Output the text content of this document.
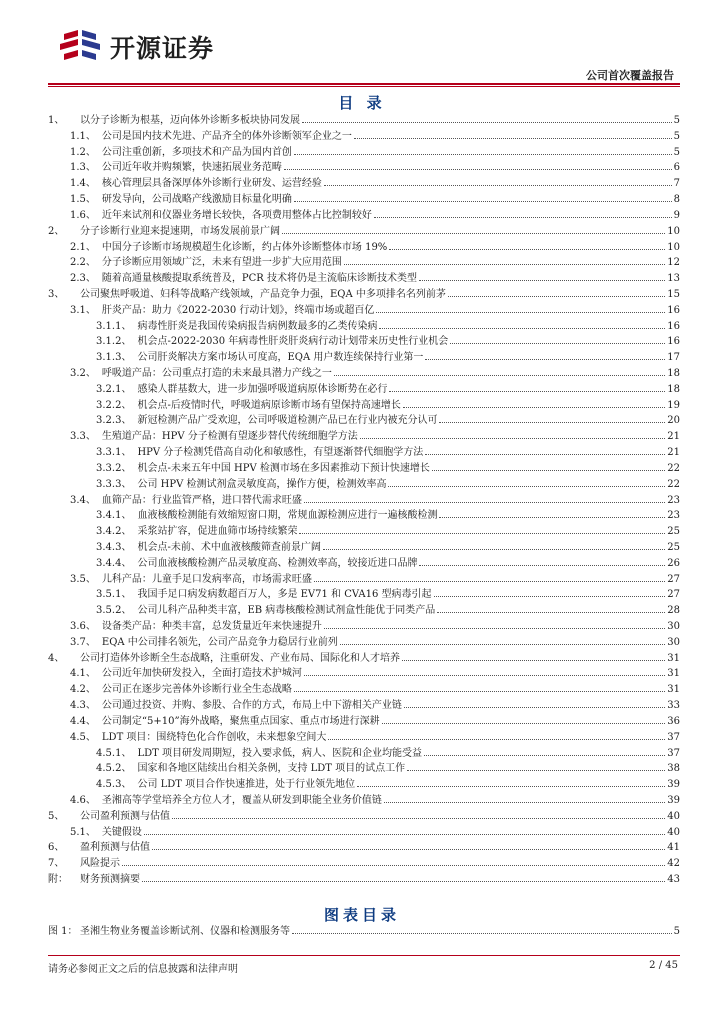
开源证券
公司首次覆盖报告
目 录
1、	以分子诊断为根基，迈向体外诊断多板块协同发展	5
1.1、 公司是国内技术先进、产品齐全的体外诊断领军企业之一	5
1.2、 公司注重创新，多项技术和产品为国内首创	5
1.3、 公司近年收并购频繁，快速拓展业务范畴	6
1.4、 核心管理层具备深厚体外诊断行业研发、运营经验	7
1.5、 研发导向，公司战略产线激励目标量化明确	8
1.6、 近年来试剂和仪器业务增长较快，各项费用整体占比控制较好	9
2、	分子诊断行业迎来提速期，市场发展前景广阔	10
2.1、 中国分子诊断市场规模超生化诊断，约占体外诊断整体市场 19%	10
2.2、 分子诊断应用领域广泛，未来有望进一步扩大应用范围	12
2.3、 随着高通量核酸提取系统普及，PCR 技术将仍是主流临床诊断技术类型	13
3、	公司聚焦呼吸道、妇科等战略产线领域，产品竞争力强，EQA 中多项排名名列前茅	15
3.1、 肝炎产品：助力《2022-2030 行动计划》，终端市场或超百亿	16
3.1.1、 病毒性肝炎是我国传染病报告病例数最多的乙类传染病	16
3.1.2、 机会点-2022-2030 年病毒性肝炎肝炎病行动计划带来历史性行业机会	16
3.1.3、 公司肝炎解决方案市场认可度高，EQA 用户数连续保持行业第一	17
3.2、 呼吸道产品：公司重点打造的未来最具潜力产线之一	18
3.2.1、 感染人群基数大，进一步加强呼吸道病原体诊断势在必行	18
3.2.2、 机会点-后疫情时代，呼吸道病原诊断市场有望保持高速增长	19
3.2.3、 新冠检测产品广受欢迎，公司呼吸道检测产品已在行业内被充分认可	20
3.3、 生殖道产品：HPV 分子检测有望逐步替代传统细胞学方法	21
3.3.1、 HPV 分子检测凭借高自动化和敏感性，有望逐渐替代细胞学方法	21
3.3.2、 机会点-未来五年中国 HPV 检测市场在多因素推动下预计快速增长	22
3.3.3、 公司 HPV 检测试剂盒灵敏度高，操作方便，检测效率高	22
3.4、 血筛产品：行业监管严格，进口替代需求旺盛	23
3.4.1、 血液核酸检测能有效缩短窗口期，常规血源检测应进行一遍核酸检测	23
3.4.2、 采浆站扩容，促进血筛市场持续繁荣	25
3.4.3、 机会点-未前、术中血液核酸筛查前景广阔	25
3.4.4、 公司血液核酸检测产品灵敏度高、检测效率高，较接近进口品牌	26
3.5、 儿科产品：儿童手足口发病率高，市场需求旺盛	27
3.5.1、 我国手足口病发病数超百万人，多是 EV71 和 CVA16 型病毒引起	27
3.5.2、 公司儿科产品种类丰富，EB 病毒核酸检测试剂盒性能优于同类产品	28
3.6、 设备类产品：种类丰富，总发货量近年来快速提升	30
3.7、 EQA 中公司排名领先，公司产品竞争力稳居行业前列	30
4、	公司打造体外诊断全生态战略，注重研发、产业布局、国际化和人才培养	31
4.1、 公司近年加快研发投入，全面打造技术护城河	31
4.2、 公司正在逐步完善体外诊断行业全生态战略	31
4.3、 公司通过投资、并购、参股、合作的方式，布局上中下游相关产业链	33
4.4、 公司制定“5+10”海外战略，聚焦重点国家、重点市场进行深耕	36
4.5、 LDT 项目：围绕特色化合作创收，未来想象空间大	37
4.5.1、 LDT 项目研发周期短，投入要求低，病人、医院和企业均能受益	37
4.5.2、 国家和各地区陆续出台相关条例，支持 LDT 项目的试点工作	38
4.5.3、 公司 LDT 项目合作快速推进，处于行业领先地位	39
4.6、 圣湘高等学堂培养全方位人才，覆盖从研发到职能全业务价值链	39
5、	公司盈利预测与估值	40
5.1、 关键假设	40
6、	盈利预测与估值	41
7、	风险提示	42
附：	财务预测摘要	43
图表目录
图 1： 圣湘生物业务覆盖诊断试剂、仪器和检测服务等	5
请务必参阅正文之后的信息披露和法律声明	2 / 45
